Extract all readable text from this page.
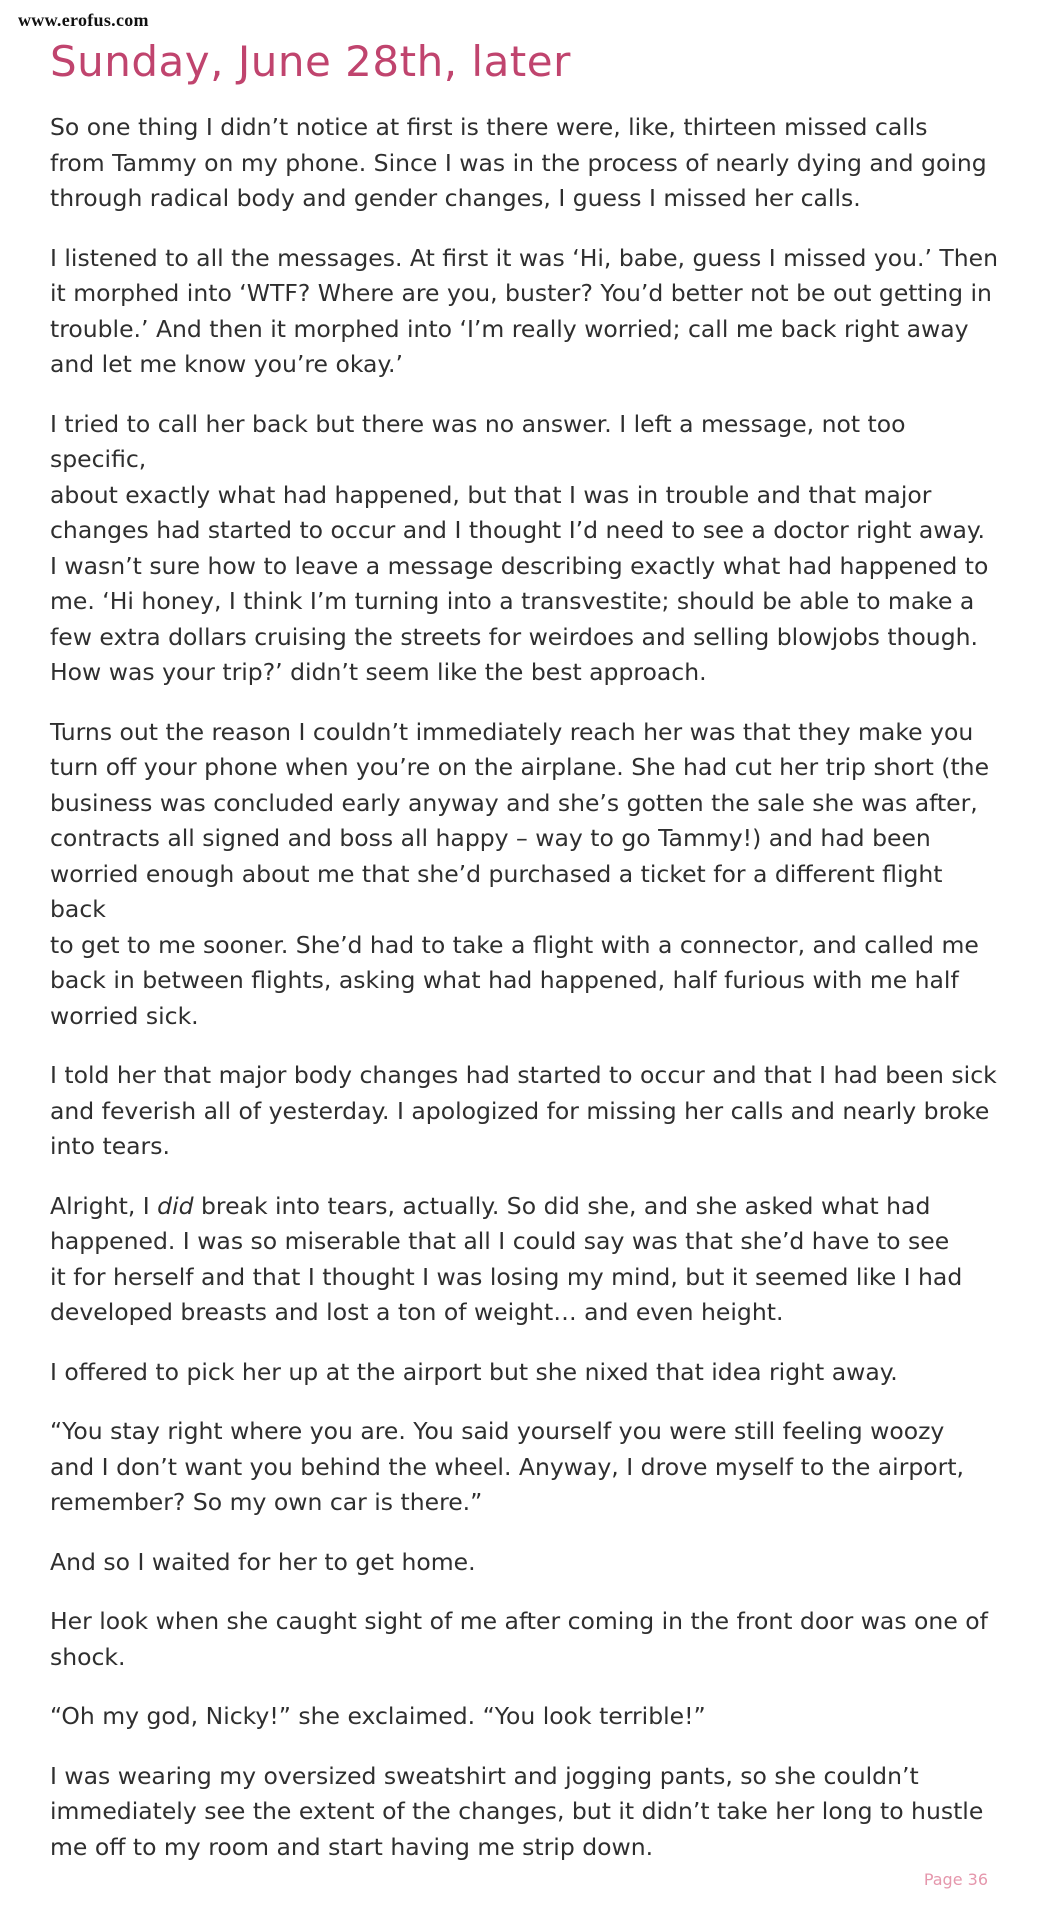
www.erofus.com
Sunday, June 28th, later

So one thing I didn’t notice at first is there were, like, thirteen missed calls
from Tammy on my phone. Since I was in the process of nearly dying and going
through radical body and gender changes, I guess I missed her calls.

I listened to all the messages. At first it was ‘Hi, babe, guess I missed you.’ Then
it morphed into ‘WTF? Where are you, buster? You’d better not be out getting in
trouble.’ And then it morphed into ‘I’m really worried; call me back right away
and let me know you’re okay.’

I tried to call her back but there was no answer. I left a message, not too specific,
about exactly what had happened, but that I was in trouble and that major
changes had started to occur and I thought I’d need to see a doctor right away.
I wasn’t sure how to leave a message describing exactly what had happened to
me. ‘Hi honey, I think I’m turning into a transvestite; should be able to make a
few extra dollars cruising the streets for weirdoes and selling blowjobs though.
How was your trip?’ didn’t seem like the best approach.

Turns out the reason I couldn’t immediately reach her was that they make you
turn off your phone when you’re on the airplane. She had cut her trip short (the
business was concluded early anyway and she’s gotten the sale she was after,
contracts all signed and boss all happy – way to go Tammy!) and had been
worried enough about me that she’d purchased a ticket for a different flight back
to get to me sooner. She’d had to take a flight with a connector, and called me
back in between flights, asking what had happened, half furious with me half
worried sick.

I told her that major body changes had started to occur and that I had been sick
and feverish all of yesterday. I apologized for missing her calls and nearly broke
into tears.

Alright, I did break into tears, actually. So did she, and she asked what had
happened. I was so miserable that all I could say was that she’d have to see
it for herself and that I thought I was losing my mind, but it seemed like I had
developed breasts and lost a ton of weight… and even height.

I offered to pick her up at the airport but she nixed that idea right away.

“You stay right where you are. You said yourself you were still feeling woozy
and I don’t want you behind the wheel. Anyway, I drove myself to the airport,
remember? So my own car is there.”

And so I waited for her to get home.

Her look when she caught sight of me after coming in the front door was one of
shock.

“Oh my god, Nicky!” she exclaimed. “You look terrible!”

I was wearing my oversized sweatshirt and jogging pants, so she couldn’t
immediately see the extent of the changes, but it didn’t take her long to hustle
me off to my room and start having me strip down.

Page 36
